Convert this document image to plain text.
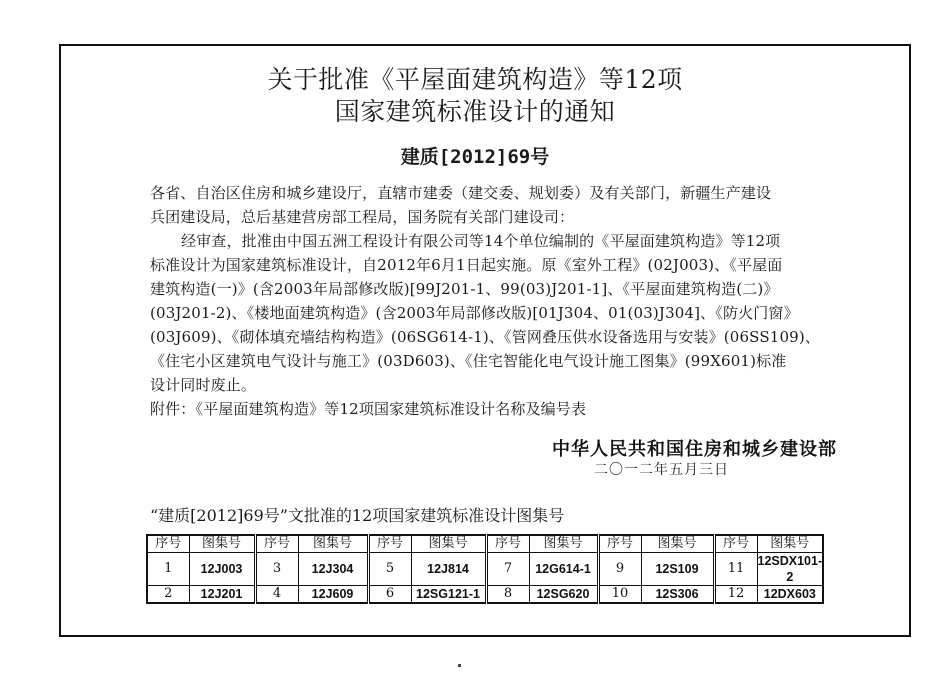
关于批准《平屋面建筑构造》等12项
国家建筑标准设计的通知
建质[2012]69号
各省、自治区住房和城乡建设厅，直辖市建委（建交委、规划委）及有关部门，新疆生产建设
兵团建设局，总后基建营房部工程局，国务院有关部门建设司：
经审查，批准由中国五洲工程设计有限公司等14个单位编制的《平屋面建筑构造》等12项
标准设计为国家建筑标准设计，自2012年6月1日起实施。原《室外工程》(02J003)、《平屋面
建筑构造(一)》(含2003年局部修改版)[99J201-1、99(03)J201-1]、《平屋面建筑构造(二)》
(03J201-2)、《楼地面建筑构造》(含2003年局部修改版)[01J304、01(03)J304]、《防火门窗》
(03J609)、《砌体填充墙结构构造》(06SG614-1)、《管网叠压供水设备选用与安装》(06SS109)、
《住宅小区建筑电气设计与施工》(03D603)、《住宅智能化电气设计施工图集》(99X601)标准
设计同时废止。
附件：《平屋面建筑构造》等12项国家建筑标准设计名称及编号表
中华人民共和国住房和城乡建设部
二〇一二年五月三日
“建质[2012]69号”文批准的12项国家建筑标准设计图集号
序号	图集号	序号	图集号	序号	图集号	序号	图集号	序号	图集号	序号	图集号
1	12J003	3	12J304	5	12J814	7	12G614-1	9	12S109	11	12SDX101-2
2	12J201	4	12J609	6	12SG121-1	8	12SG620	10	12S306	12	12DX603
